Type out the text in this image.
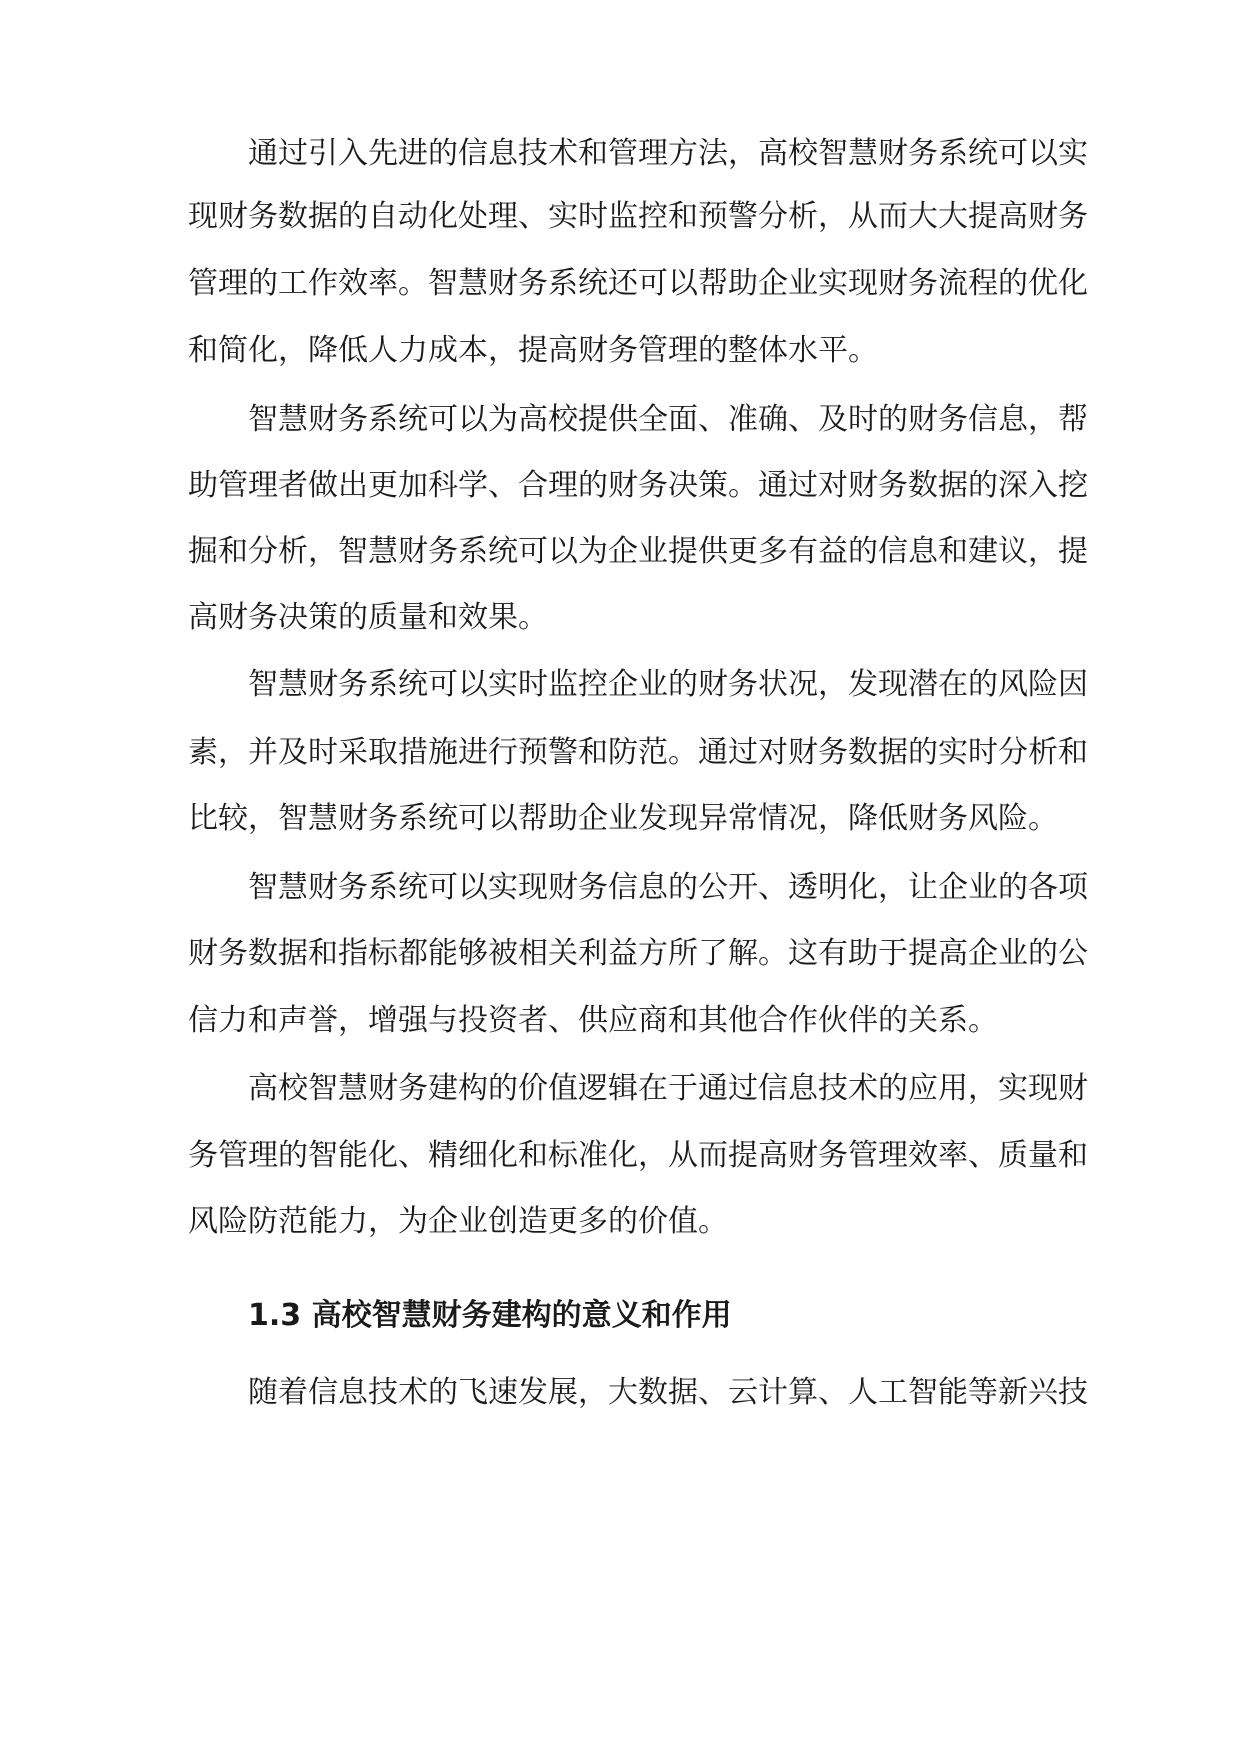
通过引入先进的信息技术和管理方法，高校智慧财务系统可以实
现财务数据的自动化处理、实时监控和预警分析，从而大大提高财务
管理的工作效率。智慧财务系统还可以帮助企业实现财务流程的优化
和简化，降低人力成本，提高财务管理的整体水平。
智慧财务系统可以为高校提供全面、准确、及时的财务信息，帮
助管理者做出更加科学、合理的财务决策。通过对财务数据的深入挖
掘和分析，智慧财务系统可以为企业提供更多有益的信息和建议，提
高财务决策的质量和效果。
智慧财务系统可以实时监控企业的财务状况，发现潜在的风险因
素，并及时采取措施进行预警和防范。通过对财务数据的实时分析和
比较，智慧财务系统可以帮助企业发现异常情况，降低财务风险。
智慧财务系统可以实现财务信息的公开、透明化，让企业的各项
财务数据和指标都能够被相关利益方所了解。这有助于提高企业的公
信力和声誉，增强与投资者、供应商和其他合作伙伴的关系。
高校智慧财务建构的价值逻辑在于通过信息技术的应用，实现财
务管理的智能化、精细化和标准化，从而提高财务管理效率、质量和
风险防范能力，为企业创造更多的价值。
1.3 高校智慧财务建构的意义和作用
随着信息技术的飞速发展，大数据、云计算、人工智能等新兴技
